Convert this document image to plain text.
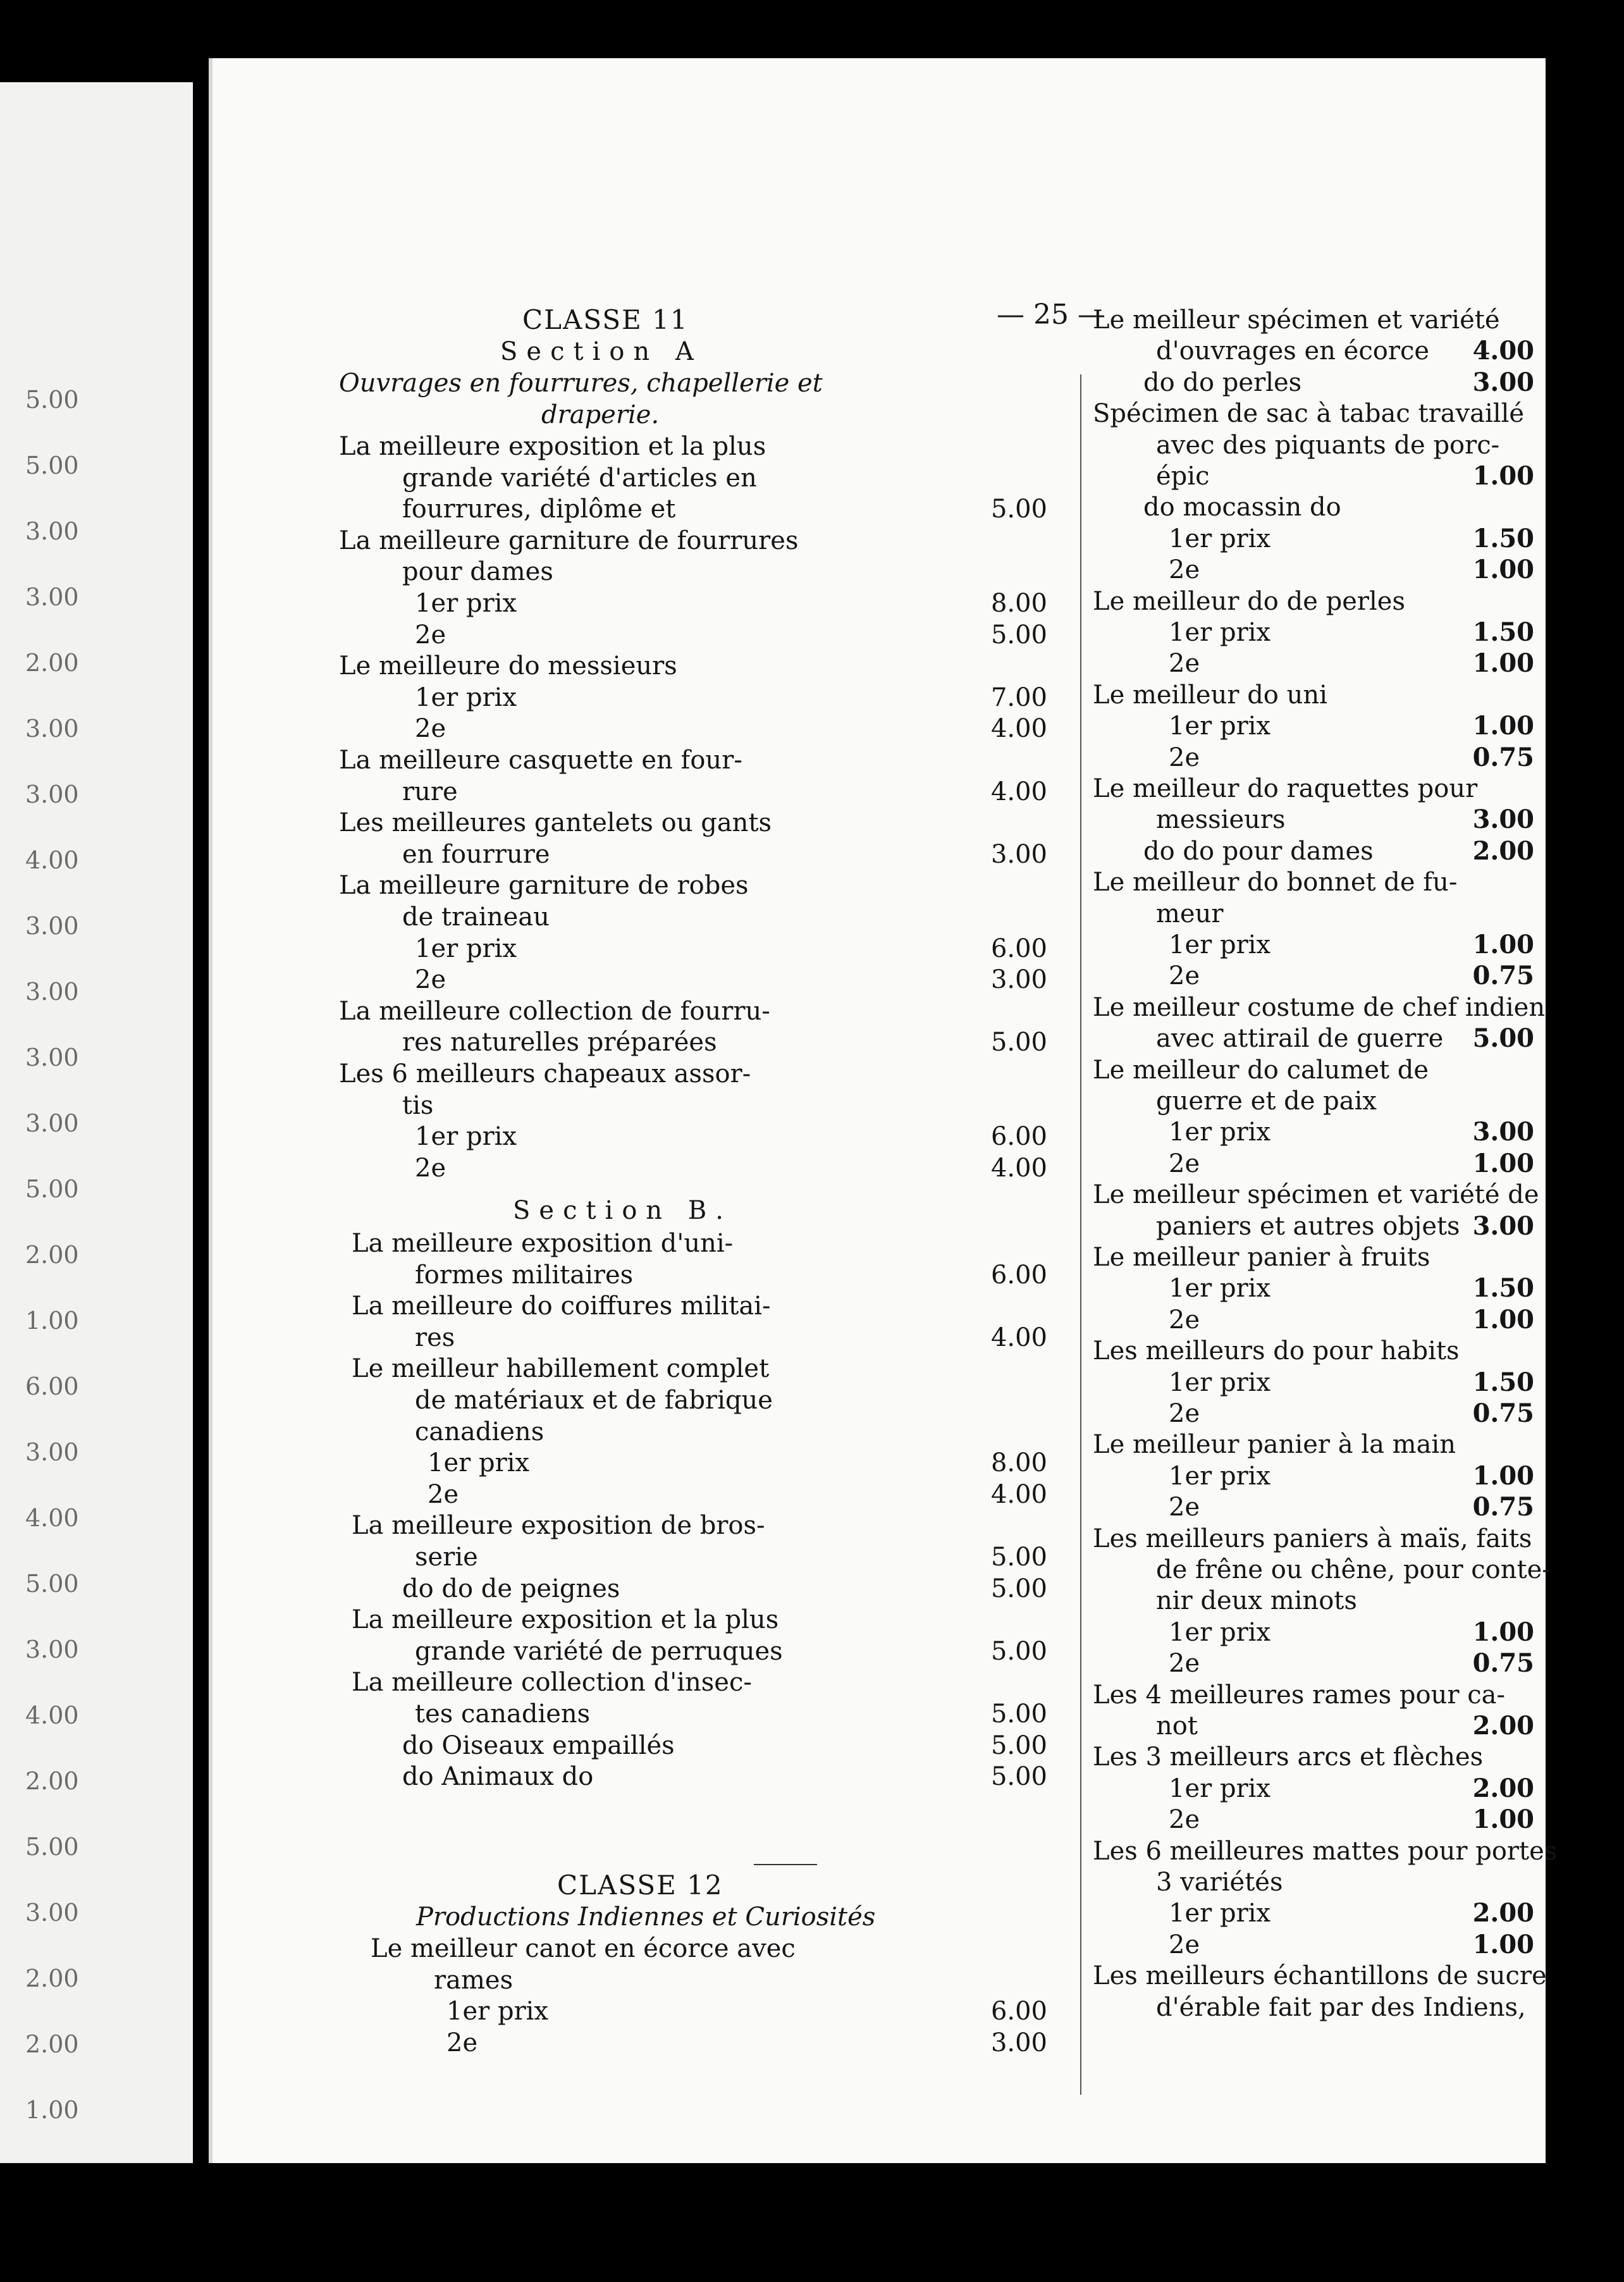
5.00
5.00
3.00
3.00
2.00
3.00
3.00
4.00
3.00
3.00
3.00
3.00
5.00
2.00
1.00
6.00
3.00
4.00
5.00
3.00
4.00
2.00
5.00
3.00
2.00
2.00
1.00
— 25 —
CLASSE 11
Section A
Ouvrages en fourrures, chapellerie et
draperie.
Section B.
CLASSE 12
Productions Indiennes et Curiosités
La meilleure exposition et la plus
grande variété d'articles en
fourrures, diplôme et	5.00
La meilleure garniture de fourrures
pour dames
1er prix	8.00
2e	5.00
Le meilleure do messieurs
1er prix	7.00
2e	4.00
La meilleure casquette en four-
rure	4.00
Les meilleures gantelets ou gants
en fourrure	3.00
La meilleure garniture de robes
de traineau
1er prix	6.00
2e	3.00
La meilleure collection de fourru-
res naturelles préparées	5.00
Les 6 meilleurs chapeaux assor-
tis
1er prix	6.00
2e	4.00
La meilleure exposition d'uni-
formes militaires	6.00
La meilleure do coiffures militai-
res	4.00
Le meilleur habillement complet
de matériaux et de fabrique
canadiens
1er prix	8.00
2e	4.00
La meilleure exposition de bros-
serie	5.00
do do de peignes	5.00
La meilleure exposition et la plus
grande variété de perruques	5.00
La meilleure collection d'insec-
tes canadiens	5.00
do Oiseaux empaillés	5.00
do Animaux do	5.00
Le meilleur canot en écorce avec
rames
1er prix	6.00
2e	3.00
Le meilleur spécimen et variété
d'ouvrages en écorce	4.00
do do perles	3.00
Spécimen de sac à tabac travaillé
avec des piquants de porc-
épic	1.00
do mocassin do
1er prix	1.50
2e	1.00
Le meilleur do de perles
1er prix	1.50
2e	1.00
Le meilleur do uni
1er prix	1.00
2e	0.75
Le meilleur do raquettes pour
messieurs	3.00
do do pour dames	2.00
Le meilleur do bonnet de fu-
meur
1er prix	1.00
2e	0.75
Le meilleur costume de chef indien
avec attirail de guerre	5.00
Le meilleur do calumet de
guerre et de paix
1er prix	3.00
2e	1.00
Le meilleur spécimen et variété de
paniers et autres objets 3.00
Le meilleur panier à fruits
1er prix	1.50
2e	1.00
Les meilleurs do pour habits
1er prix	1.50
2e	0.75
Le meilleur panier à la main
1er prix	1.00
2e	0.75
Les meilleurs paniers à maïs, faits
de frêne ou chêne, pour conte-
nir deux minots
1er prix	1.00
2e	0.75
Les 4 meilleures rames pour ca-
not	2.00
Les 3 meilleurs arcs et flèches
1er prix	2.00
2e	1.00
Les 6 meilleures mattes pour portes
3 variétés
1er prix	2.00
2e	1.00
Les meilleurs échantillons de sucre
d'érable fait par des Indiens,
